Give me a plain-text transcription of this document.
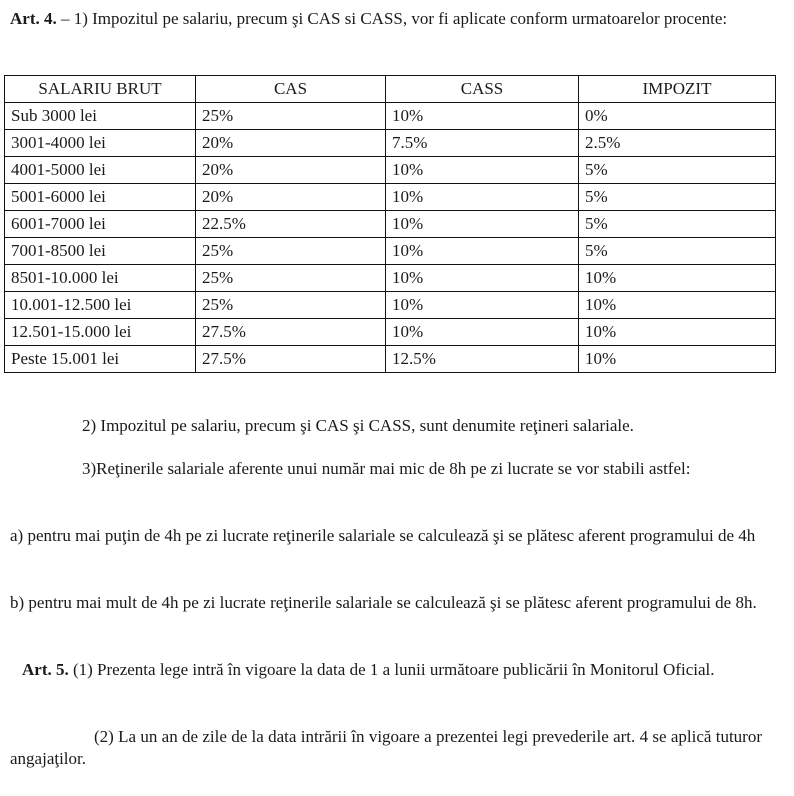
Art. 4. – 1) Impozitul pe salariu, precum şi CAS si CASS, vor fi aplicate conform urmatoarelor procente:

SALARIU BRUT	CAS	CASS	IMPOZIT
Sub 3000 lei	25%	10%	0%
3001-4000 lei	20%	7.5%	2.5%
4001-5000 lei	20%	10%	5%
5001-6000 lei	20%	10%	5%
6001-7000 lei	22.5%	10%	5%
7001-8500 lei	25%	10%	5%
8501-10.000 lei	25%	10%	10%
10.001-12.500 lei	25%	10%	10%
12.501-15.000 lei	27.5%	10%	10%
Peste 15.001 lei	27.5%	12.5%	10%

2) Impozitul pe salariu, precum şi CAS şi CASS, sunt denumite reţineri salariale.

3)Reţinerile salariale aferente unui număr mai mic de 8h pe zi lucrate se vor stabili astfel:

a) pentru mai puţin de 4h pe zi lucrate reţinerile salariale se calculează şi se plătesc aferent programului de 4h

b) pentru mai mult de 4h pe zi lucrate reţinerile salariale se calculează şi se plătesc aferent programului de 8h.

Art. 5. (1) Prezenta lege intră în vigoare la data de 1 a lunii următoare publicării în Monitorul Oficial.

(2) La un an de zile de la data intrării în vigoare a prezentei legi prevederile art. 4 se aplică tuturor angajaţilor.
